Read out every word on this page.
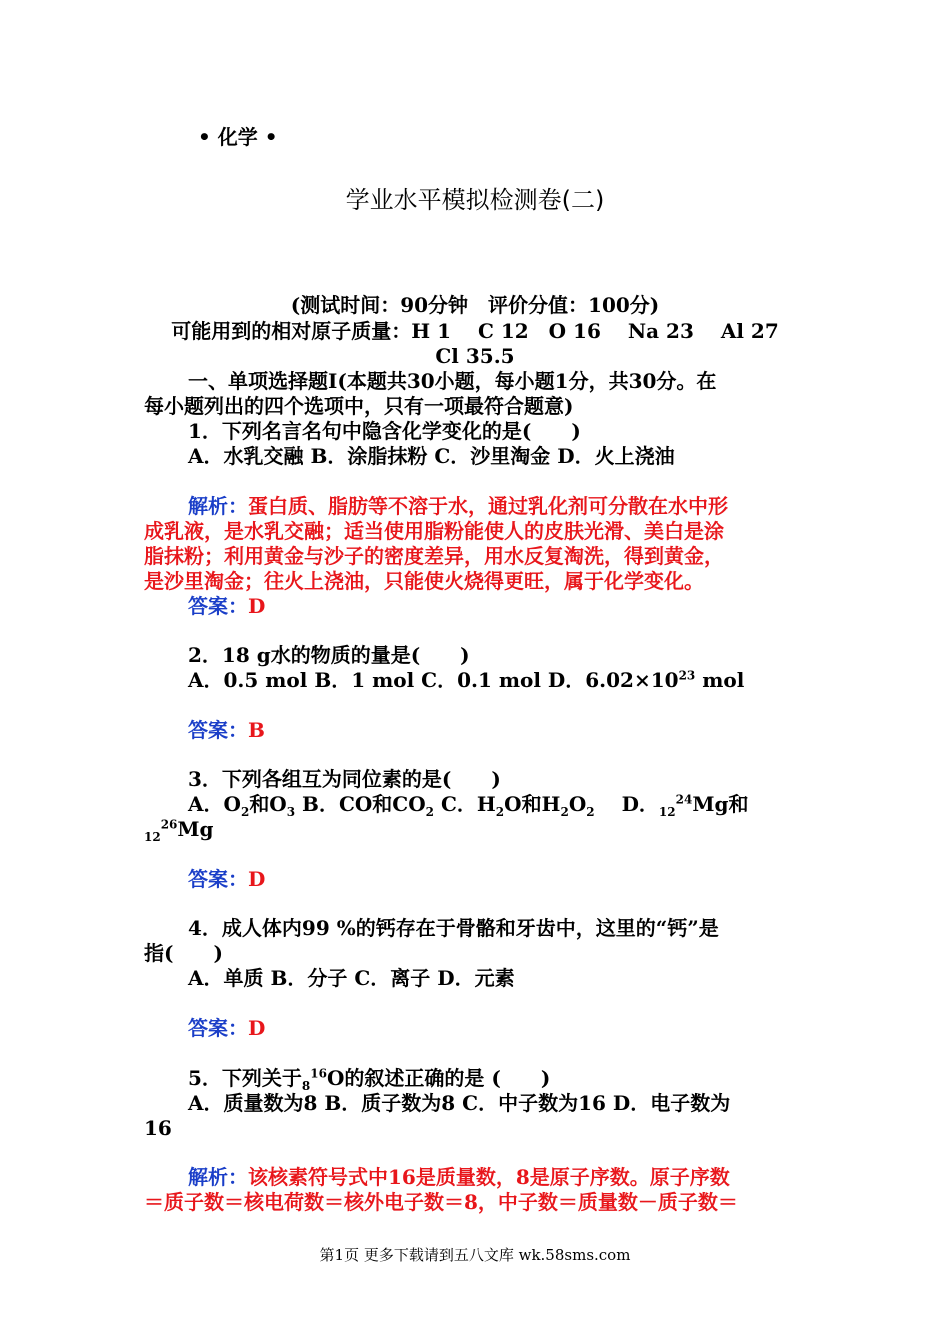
• 化学 •
学业水平模拟检测卷(二)
(测试时间：90分钟　评价分值：100分)
可能用到的相对原子质量：H 1　 C 12　O 16　 Na 23　 Al 27
Cl 35.5
一、单项选择题Ⅰ(本题共30小题，每小题1分，共30分。在
每小题列出的四个选项中，只有一项最符合题意)
1．下列名言名句中隐含化学变化的是(　　)
A．水乳交融 B．涂脂抹粉 C．沙里淘金 D．火上浇油
解析：蛋白质、脂肪等不溶于水，通过乳化剂可分散在水中形
成乳液，是水乳交融；适当使用脂粉能使人的皮肤光滑、美白是涂
脂抹粉；利用黄金与沙子的密度差异，用水反复淘洗，得到黄金，
是沙里淘金；往火上浇油，只能使火烧得更旺，属于化学变化。
答案：D
2．18 g水的物质的量是(　　)
A．0.5 mol B．1 mol C．0.1 mol D．$6.02\times 10^{23}$ mol
答案：B
3．下列各组互为同位素的是(　　)
A．$O_2$和$O_3$ B．CO和$CO_2$ C．$H_2O$和$H_2O_2$　 D．$_{12}^{24}$Mg和
$_{12}^{26}$Mg
答案：D
4．成人体内99 %的钙存在于骨骼和牙齿中，这里的“钙”是
指(　　)
A．单质 B．分子 C．离子 D．元素
答案：D
5．下列关于$_8^{16}$O的叙述正确的是 (　　)
A．质量数为8 B．质子数为8 C．中子数为16 D．电子数为
16
解析：该核素符号式中16是质量数，8是原子序数。原子序数
＝质子数＝核电荷数＝核外电子数＝8，中子数＝质量数－质子数＝
第1页 更多下载请到五八文库 wk.58sms.com
